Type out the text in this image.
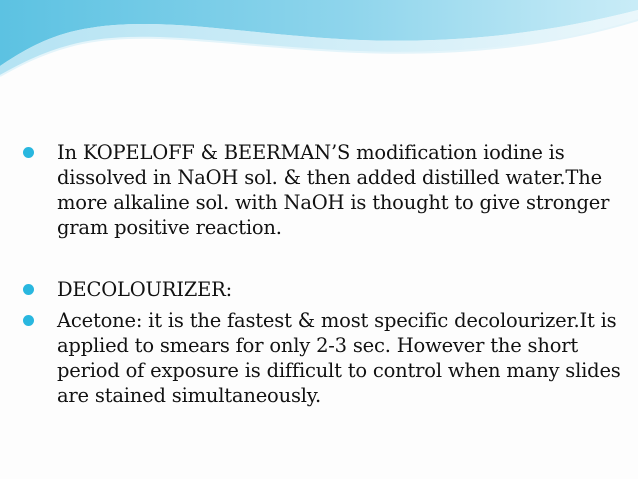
In KOPELOFF & BEERMAN’S modification iodine is dissolved in NaOH sol. & then added distilled water.The more alkaline sol. with NaOH is thought to give stronger gram positive reaction.
DECOLOURIZER:
Acetone: it is the fastest & most specific decolourizer.It is applied to smears for only 2-3 sec. However the short period of exposure is difficult to control when many slides are stained simultaneously.
